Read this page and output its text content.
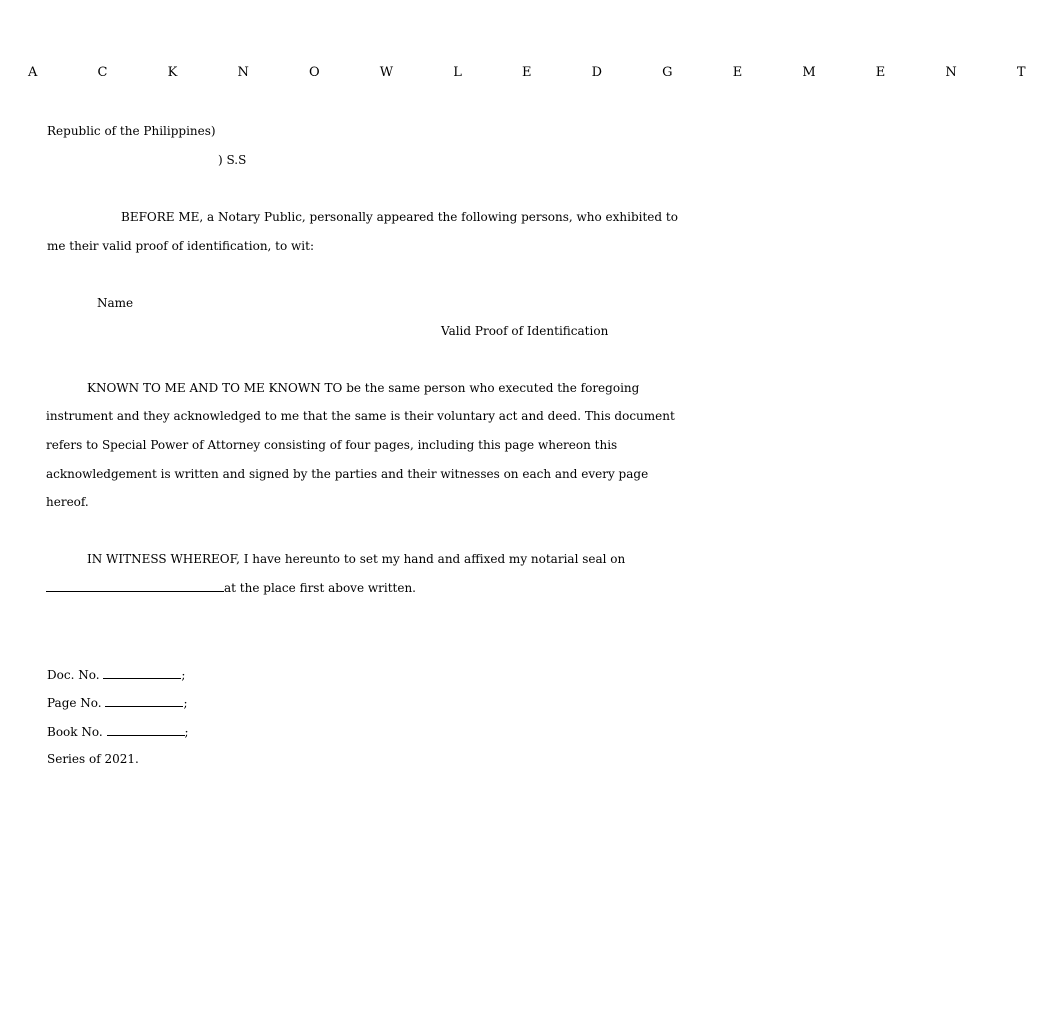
A C K N O W L E D G E M E N T
Republic of the Philippines)
) S.S
BEFORE ME, a Notary Public, personally appeared the following persons, who exhibited to
me their valid proof of identification, to wit:
Name
Valid Proof of Identification
KNOWN TO ME AND TO ME KNOWN TO be the same person who executed the foregoing
instrument and they acknowledged to me that the same is their voluntary act and deed. This document
refers to Special Power of Attorney consisting of four pages, including this page whereon this
acknowledgement is written and signed by the parties and their witnesses on each and every page
hereof.
IN WITNESS WHEREOF, I have hereunto to set my hand and affixed my notarial seal on
at the place first above written.
Doc. No.	;
Page No.	;
Book No.	;
Series of 2021.
